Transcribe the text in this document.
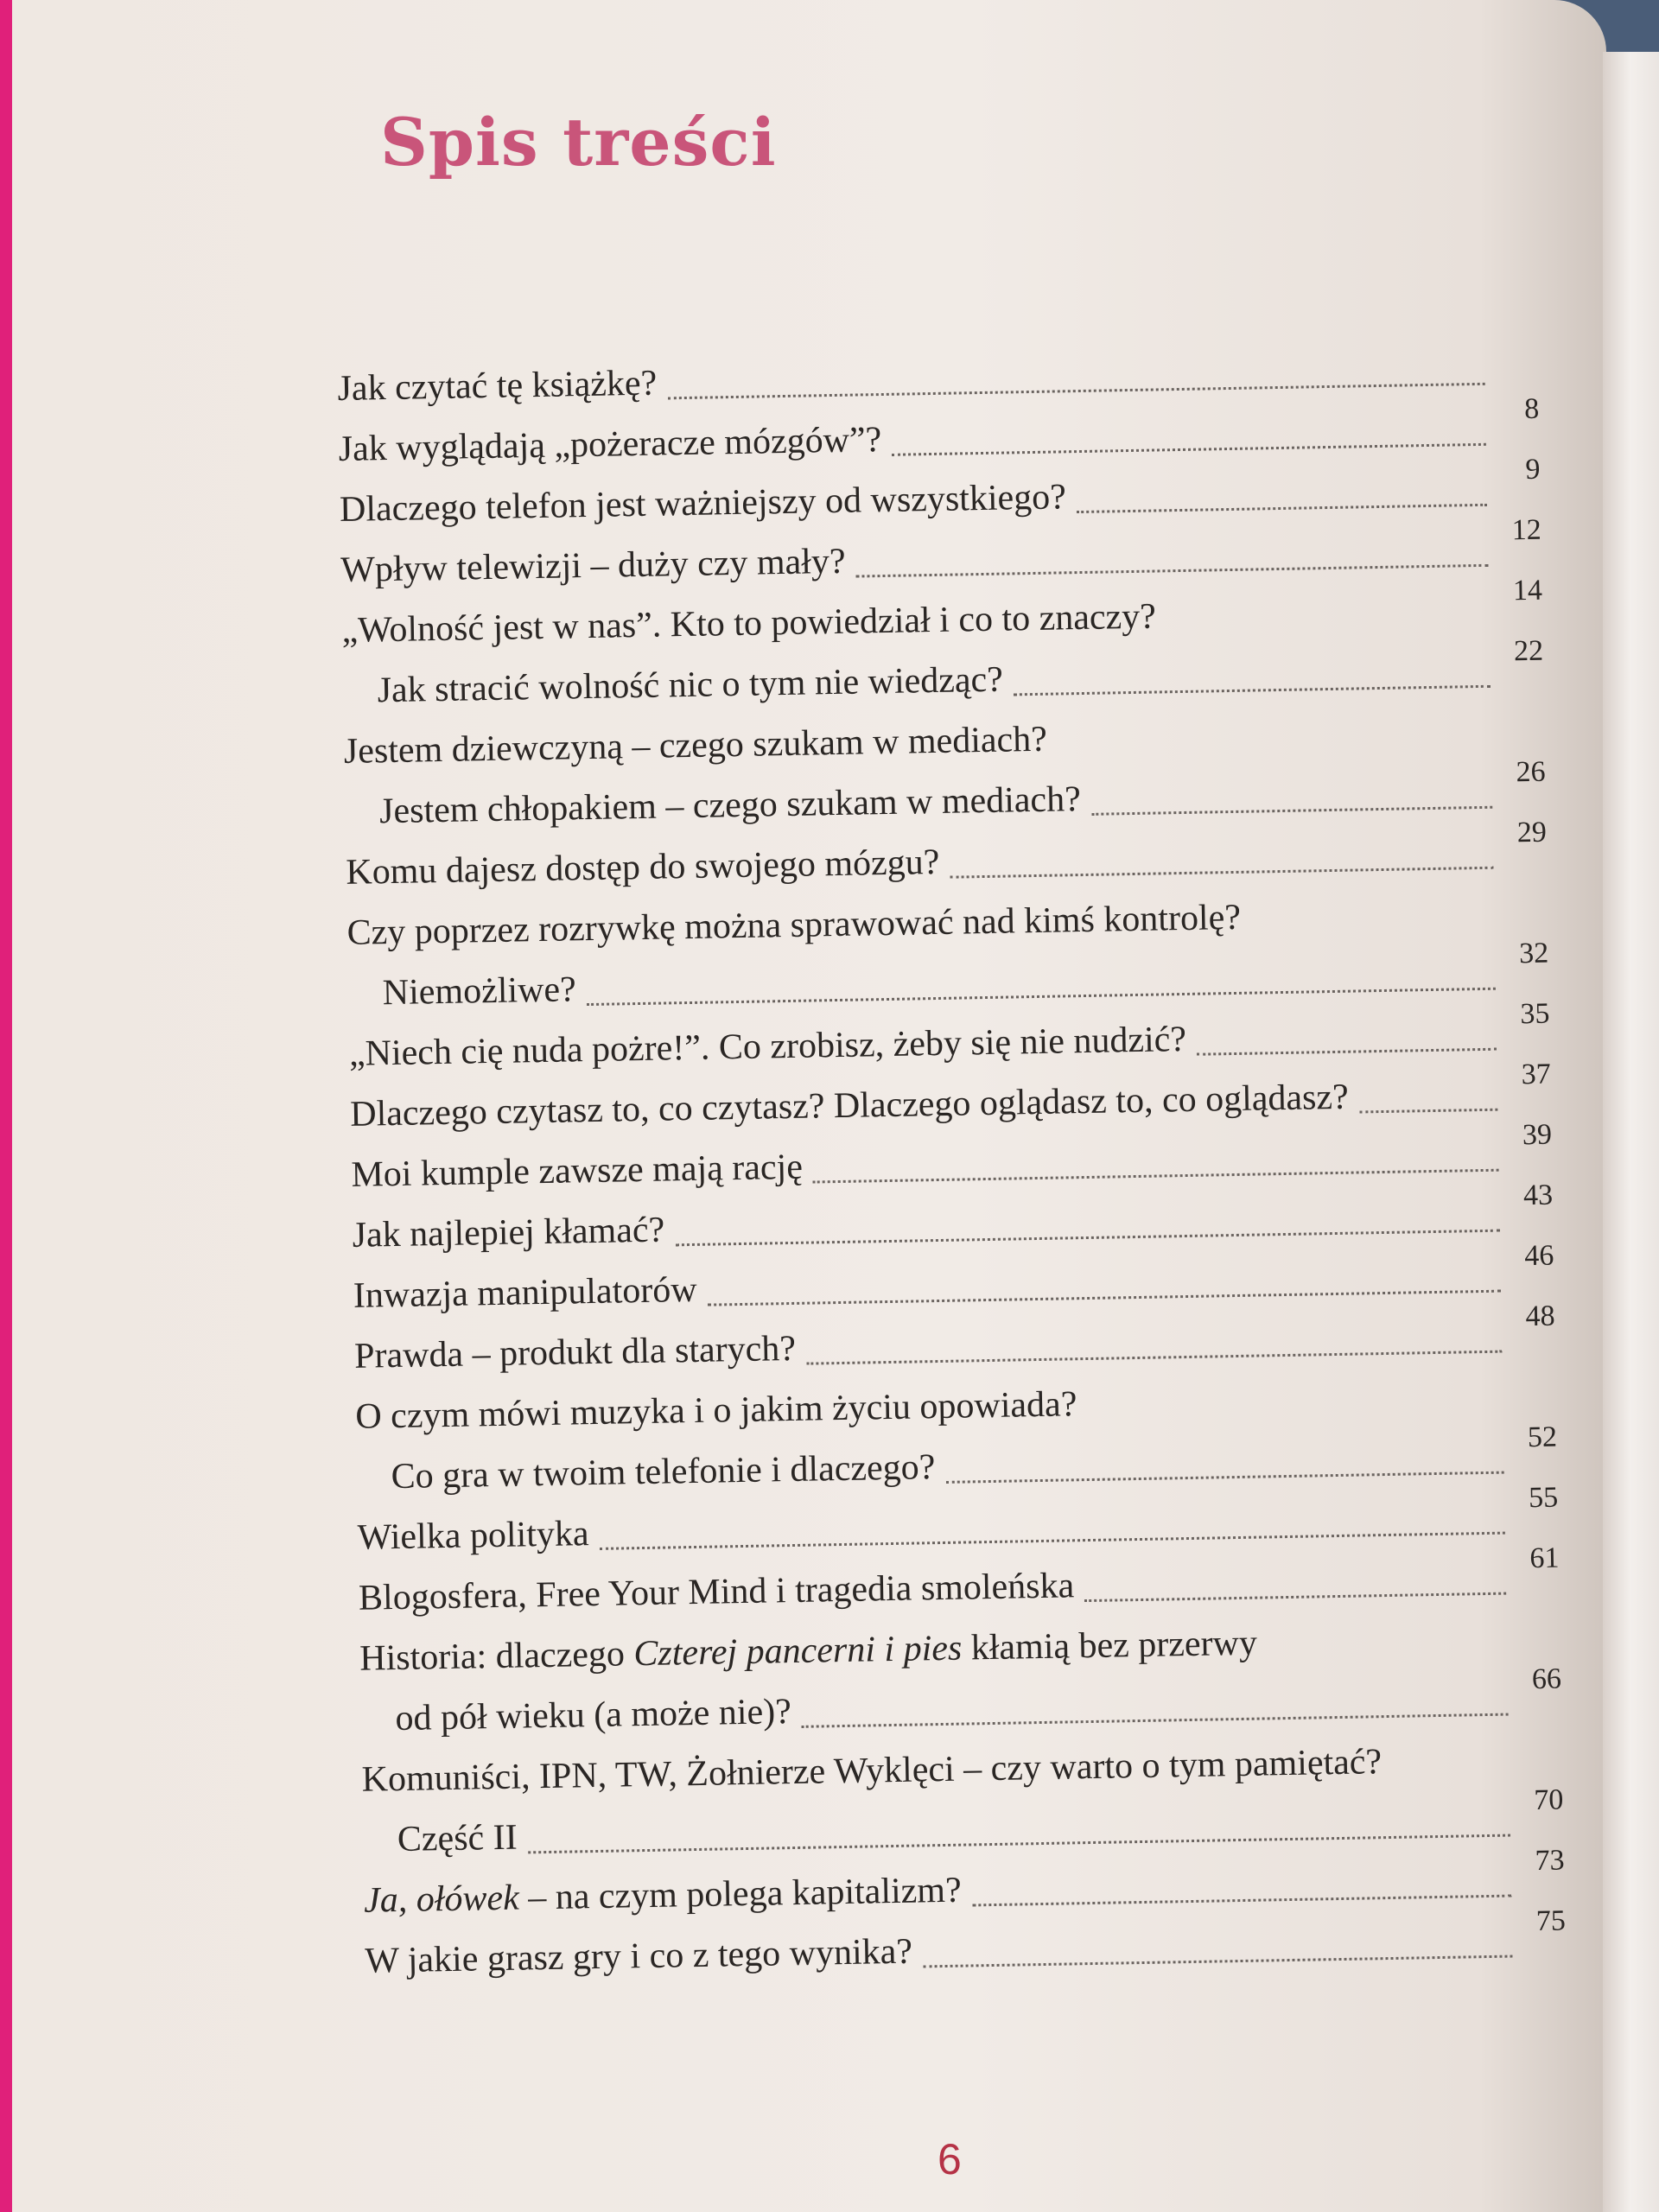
Spis treści
Jak czytać tę książkę?
Jak wyglądają „pożeracze mózgów”?
8
Dlaczego telefon jest ważniejszy od wszystkiego?
9
Wpływ telewizji – duży czy mały?
12
„Wolność jest w nas”. Kto to powiedział i co to znaczy?
14
Jak stracić wolność nic o tym nie wiedząc?
22
Jestem dziewczyną – czego szukam w mediach?
Jestem chłopakiem – czego szukam w mediach?
26
Komu dajesz dostęp do swojego mózgu?
29
Czy poprzez rozrywkę można sprawować nad kimś kontrolę?
Niemożliwe?
32
„Niech cię nuda pożre!”. Co zrobisz, żeby się nie nudzić?
35
Dlaczego czytasz to, co czytasz? Dlaczego oglądasz to, co oglądasz?
37
Moi kumple zawsze mają rację
39
Jak najlepiej kłamać?
43
Inwazja manipulatorów
46
Prawda – produkt dla starych?
48
O czym mówi muzyka i o jakim życiu opowiada?
Co gra w twoim telefonie i dlaczego?
52
Wielka polityka
55
Blogosfera, Free Your Mind i tragedia smoleńska
61
Historia: dlaczego Czterej pancerni i pies kłamią bez przerwy
od pół wieku (a może nie)?
66
Komuniści, IPN, TW, Żołnierze Wyklęci – czy warto o tym pamiętać?
Część II
70
Ja, ołówek – na czym polega kapitalizm?
73
W jakie grasz gry i co z tego wynika?
75
6
